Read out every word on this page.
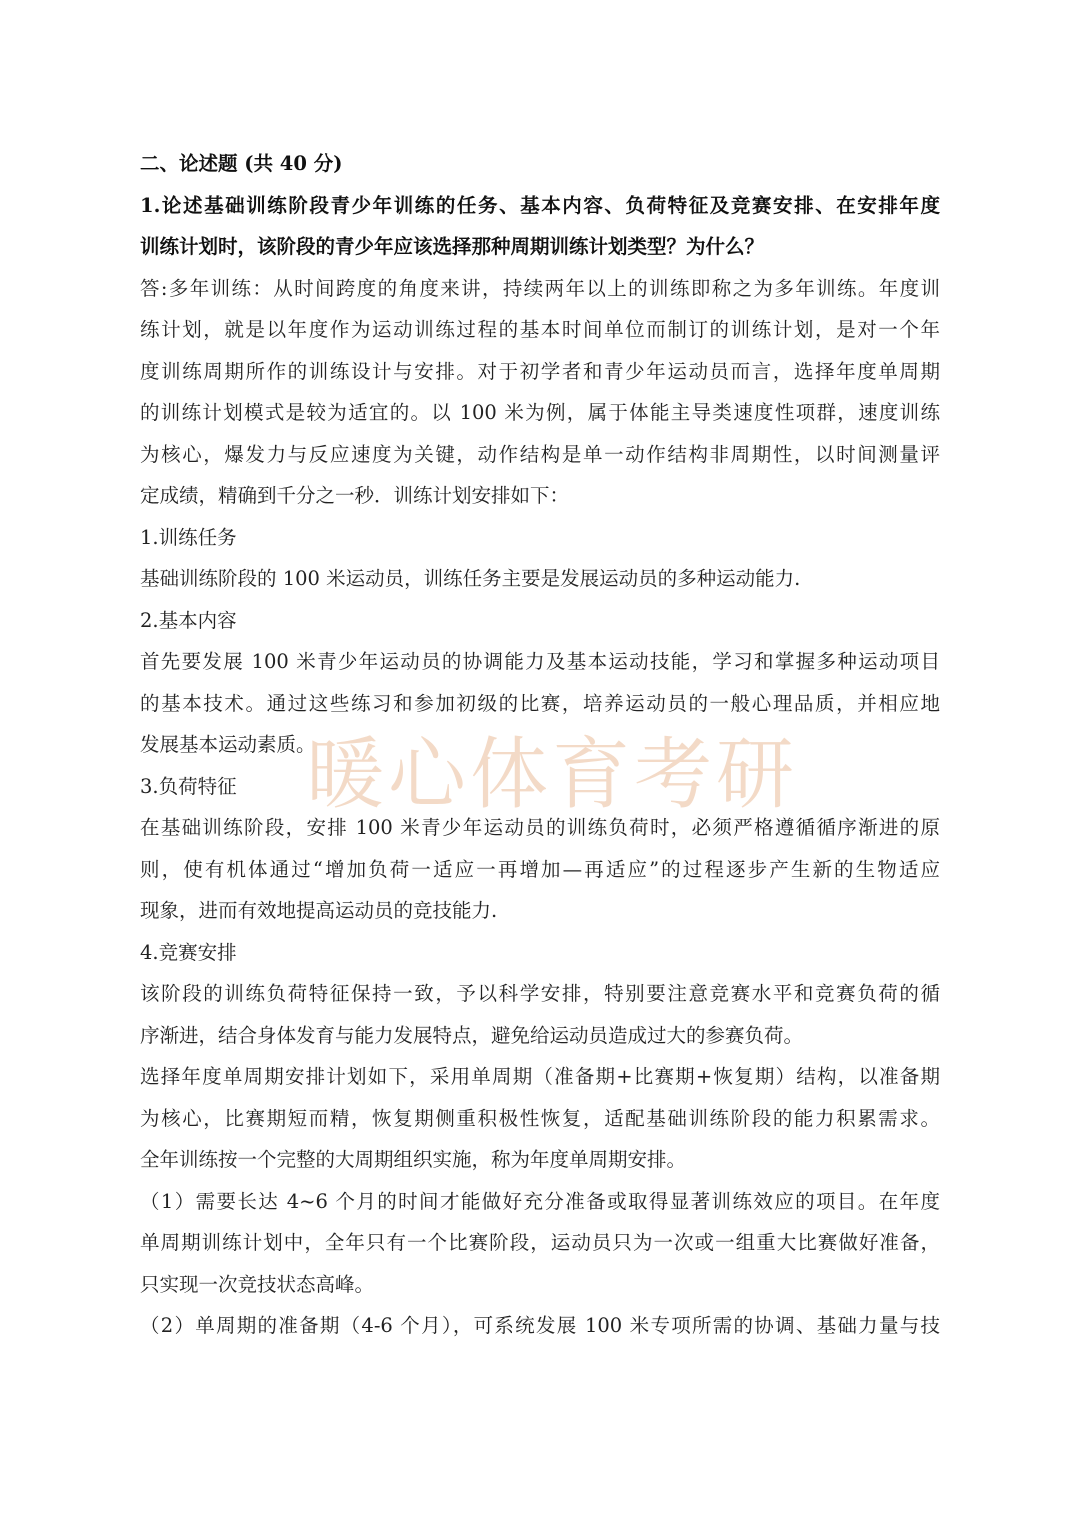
二、论述题 (共 40 分)
1.论述基础训练阶段青少年训练的任务、基本内容、负荷特征及竞赛安排、在安排年度
训练计划时，该阶段的青少年应该选择那种周期训练计划类型？为什么？
答:多年训练：从时间跨度的角度来讲，持续两年以上的训练即称之为多年训练。年度训
练计划，就是以年度作为运动训练过程的基本时间单位而制订的训练计划，是对一个年
度训练周期所作的训练设计与安排。对于初学者和青少年运动员而言，选择年度单周期
的训练计划模式是较为适宜的。以 100 米为例，属于体能主导类速度性项群，速度训练
为核心，爆发力与反应速度为关键，动作结构是单一动作结构非周期性，以时间测量评
定成绩，精确到千分之一秒．训练计划安排如下：
1.训练任务
基础训练阶段的 100 米运动员，训练任务主要是发展运动员的多种运动能力.
2.基本内容
首先要发展 100 米青少年运动员的协调能力及基本运动技能，学习和掌握多种运动项目
的基本技术。通过这些练习和参加初级的比赛，培养运动员的一般心理品质，并相应地
发展基本运动素质。
3.负荷特征
在基础训练阶段，安排 100 米青少年运动员的训练负荷时，必须严格遵循循序渐进的原
则，使有机体通过“增加负荷一适应一再增加—再适应”的过程逐步产生新的生物适应
现象，进而有效地提高运动员的竞技能力.
4.竞赛安排
该阶段的训练负荷特征保持一致，予以科学安排，特别要注意竞赛水平和竞赛负荷的循
序渐进，结合身体发育与能力发展特点，避免给运动员造成过大的参赛负荷。
选择年度单周期安排计划如下，采用单周期（准备期+比赛期+恢复期）结构，以准备期
为核心，比赛期短而精，恢复期侧重积极性恢复，适配基础训练阶段的能力积累需求。
全年训练按一个完整的大周期组织实施，称为年度单周期安排。
（1）需要长达 4~6 个月的时间才能做好充分准备或取得显著训练效应的项目。在年度
单周期训练计划中，全年只有一个比赛阶段，运动员只为一次或一组重大比赛做好准备，
只实现一次竞技状态高峰。
（2）单周期的准备期（4-6 个月），可系统发展 100 米专项所需的协调、基础力量与技
暖心体育考研
